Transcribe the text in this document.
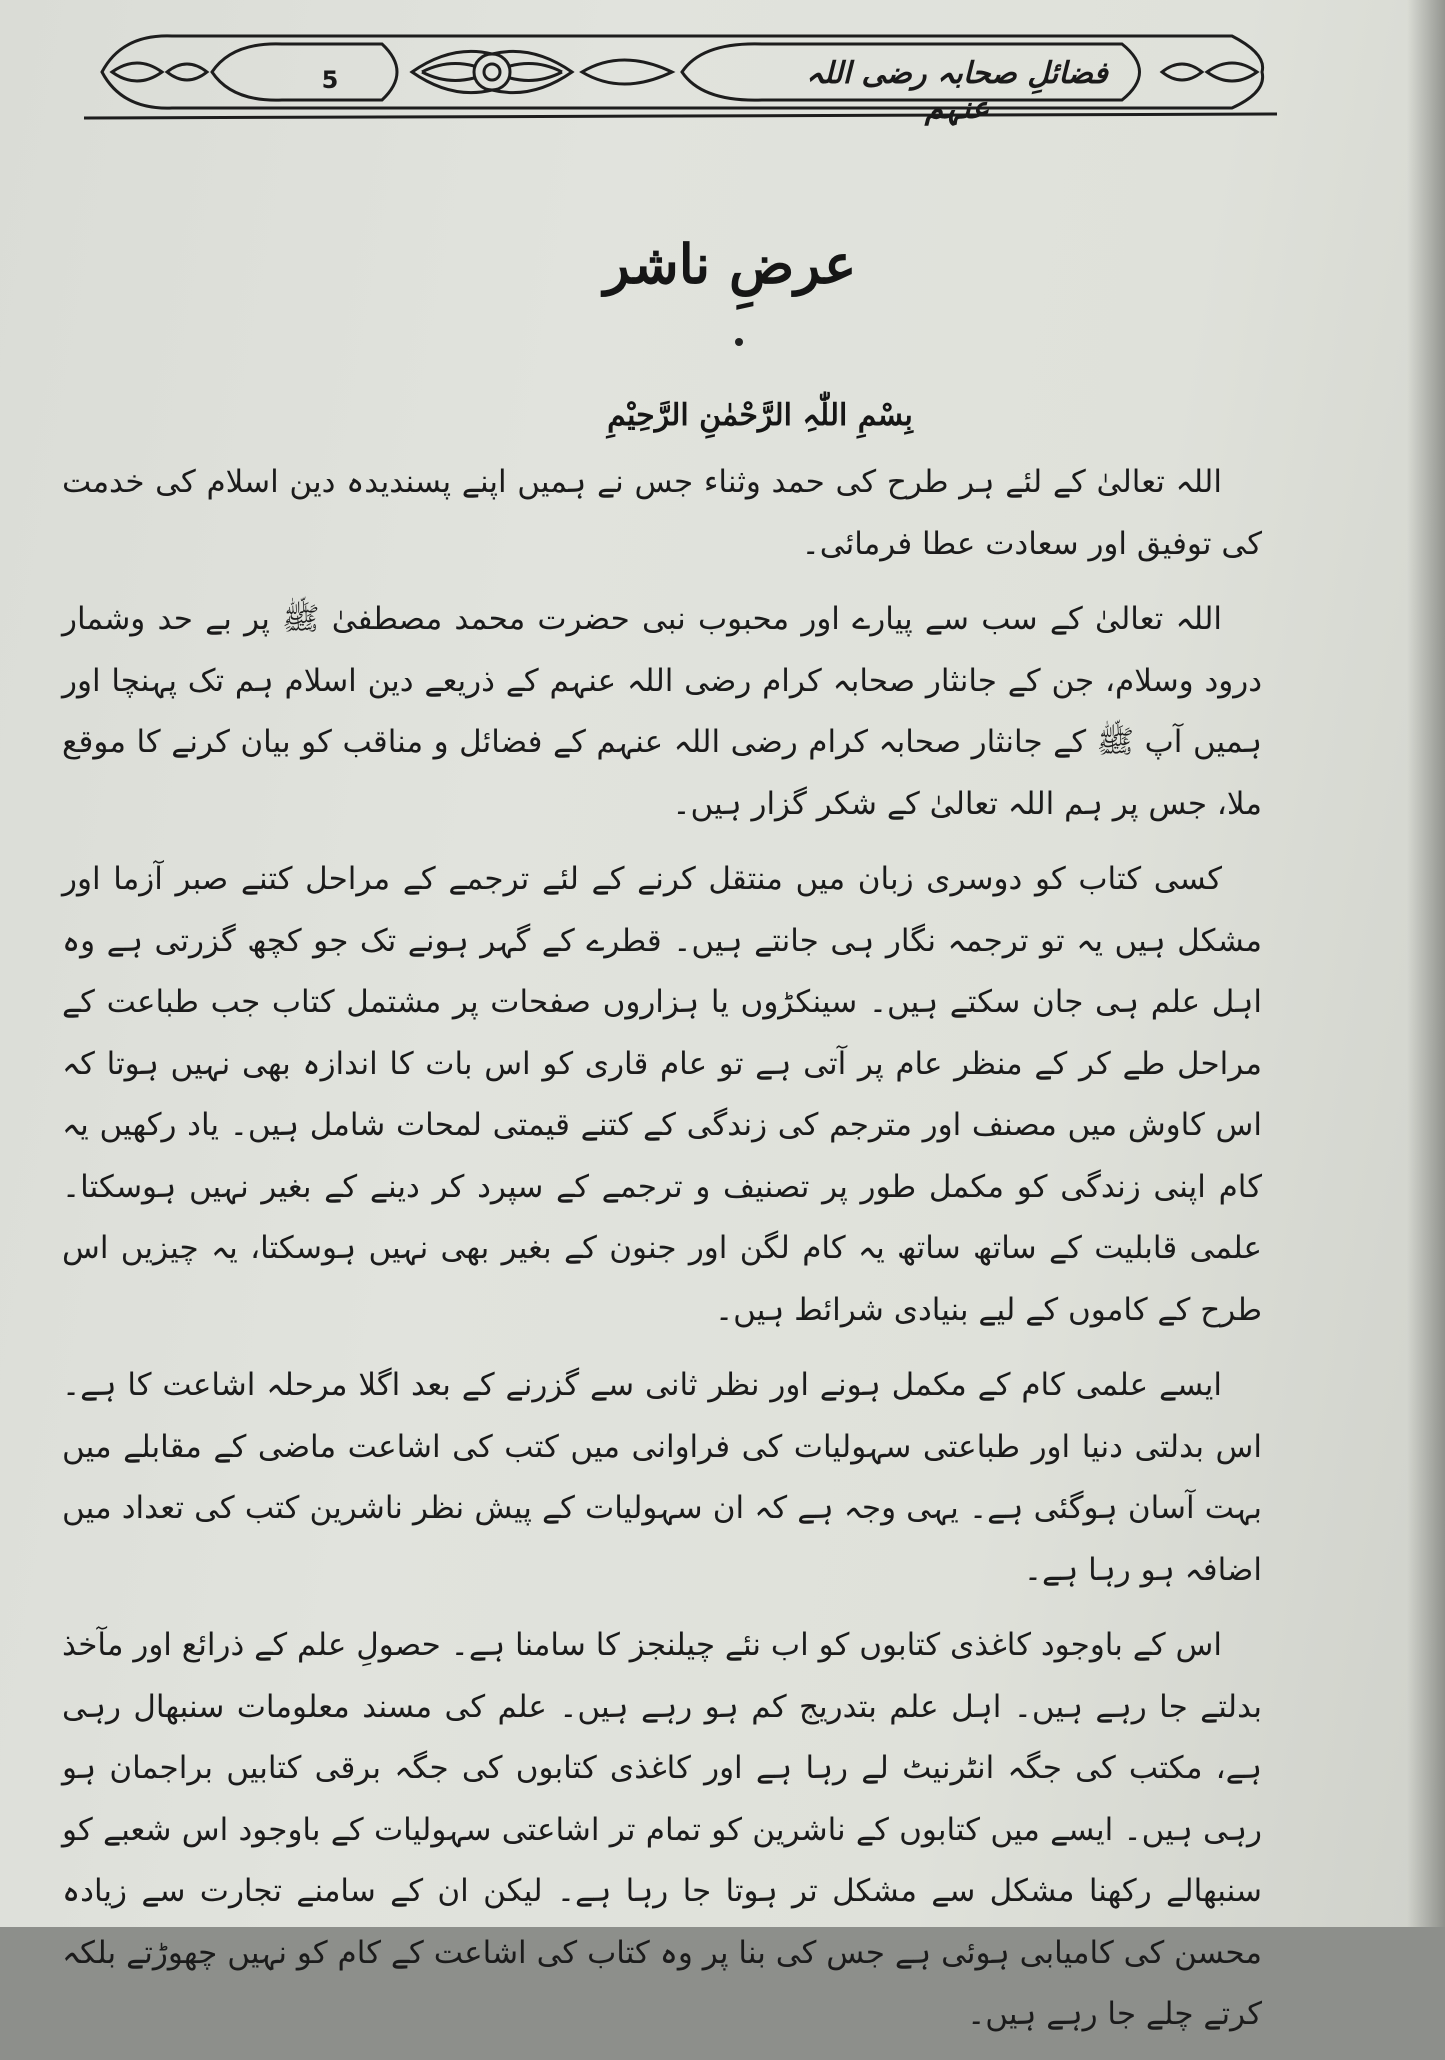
5	فضائلِ صحابہ رضی اللہ عنہم
عرضِ ناشر
بِسْمِ اللّٰہِ الرَّحْمٰنِ الرَّحِیْمِ

اللہ تعالیٰ کے لئے ہر طرح کی حمد وثناء جس نے ہمیں اپنے پسندیدہ دین اسلام کی خدمت کی توفیق اور سعادت عطا فرمائی۔

اللہ تعالیٰ کے سب سے پیارے اور محبوب نبی حضرت محمد مصطفیٰ ﷺ پر بے حد وشمار درود وسلام، جن کے جانثار صحابہ کرام رضی اللہ عنہم کے ذریعے دین اسلام ہم تک پہنچا اور ہمیں آپ ﷺ کے جانثار صحابہ کرام رضی اللہ عنہم کے فضائل و مناقب کو بیان کرنے کا موقع ملا، جس پر ہم اللہ تعالیٰ کے شکر گزار ہیں۔

کسی کتاب کو دوسری زبان میں منتقل کرنے کے لئے ترجمے کے مراحل کتنے صبر آزما اور مشکل ہیں یہ تو ترجمہ نگار ہی جانتے ہیں۔ قطرے کے گہر ہونے تک جو کچھ گزرتی ہے وہ اہل علم ہی جان سکتے ہیں۔ سینکڑوں یا ہزاروں صفحات پر مشتمل کتاب جب طباعت کے مراحل طے کر کے منظر عام پر آتی ہے تو عام قاری کو اس بات کا اندازہ بھی نہیں ہوتا کہ اس کاوش میں مصنف اور مترجم کی زندگی کے کتنے قیمتی لمحات شامل ہیں۔ یاد رکھیں یہ کام اپنی زندگی کو مکمل طور پر تصنیف و ترجمے کے سپرد کر دینے کے بغیر نہیں ہوسکتا۔ علمی قابلیت کے ساتھ ساتھ یہ کام لگن اور جنون کے بغیر بھی نہیں ہوسکتا، یہ چیزیں اس طرح کے کاموں کے لیے بنیادی شرائط ہیں۔

ایسے علمی کام کے مکمل ہونے اور نظر ثانی سے گزرنے کے بعد اگلا مرحلہ اشاعت کا ہے۔ اس بدلتی دنیا اور طباعتی سہولیات کی فراوانی میں کتب کی اشاعت ماضی کے مقابلے میں بہت آسان ہوگئی ہے۔ یہی وجہ ہے کہ ان سہولیات کے پیش نظر ناشرین کتب کی تعداد میں اضافہ ہو رہا ہے۔

اس کے باوجود کاغذی کتابوں کو اب نئے چیلنجز کا سامنا ہے۔ حصولِ علم کے ذرائع اور مآخذ بدلتے جا رہے ہیں۔ اہل علم بتدریج کم ہو رہے ہیں۔ علم کی مسند معلومات سنبھال رہی ہے، مکتب کی جگہ انٹرنیٹ لے رہا ہے اور کاغذی کتابوں کی جگہ برقی کتابیں براجمان ہو رہی ہیں۔ ایسے میں کتابوں کے ناشرین کو تمام تر اشاعتی سہولیات کے باوجود اس شعبے کو سنبھالے رکھنا مشکل سے مشکل تر ہوتا جا رہا ہے۔ لیکن ان کے سامنے تجارت سے زیادہ محسن کی کامیابی ہوئی ہے جس کی بنا پر وہ کتاب کی اشاعت کے کام کو نہیں چھوڑتے بلکہ کرتے چلے جا رہے ہیں۔
